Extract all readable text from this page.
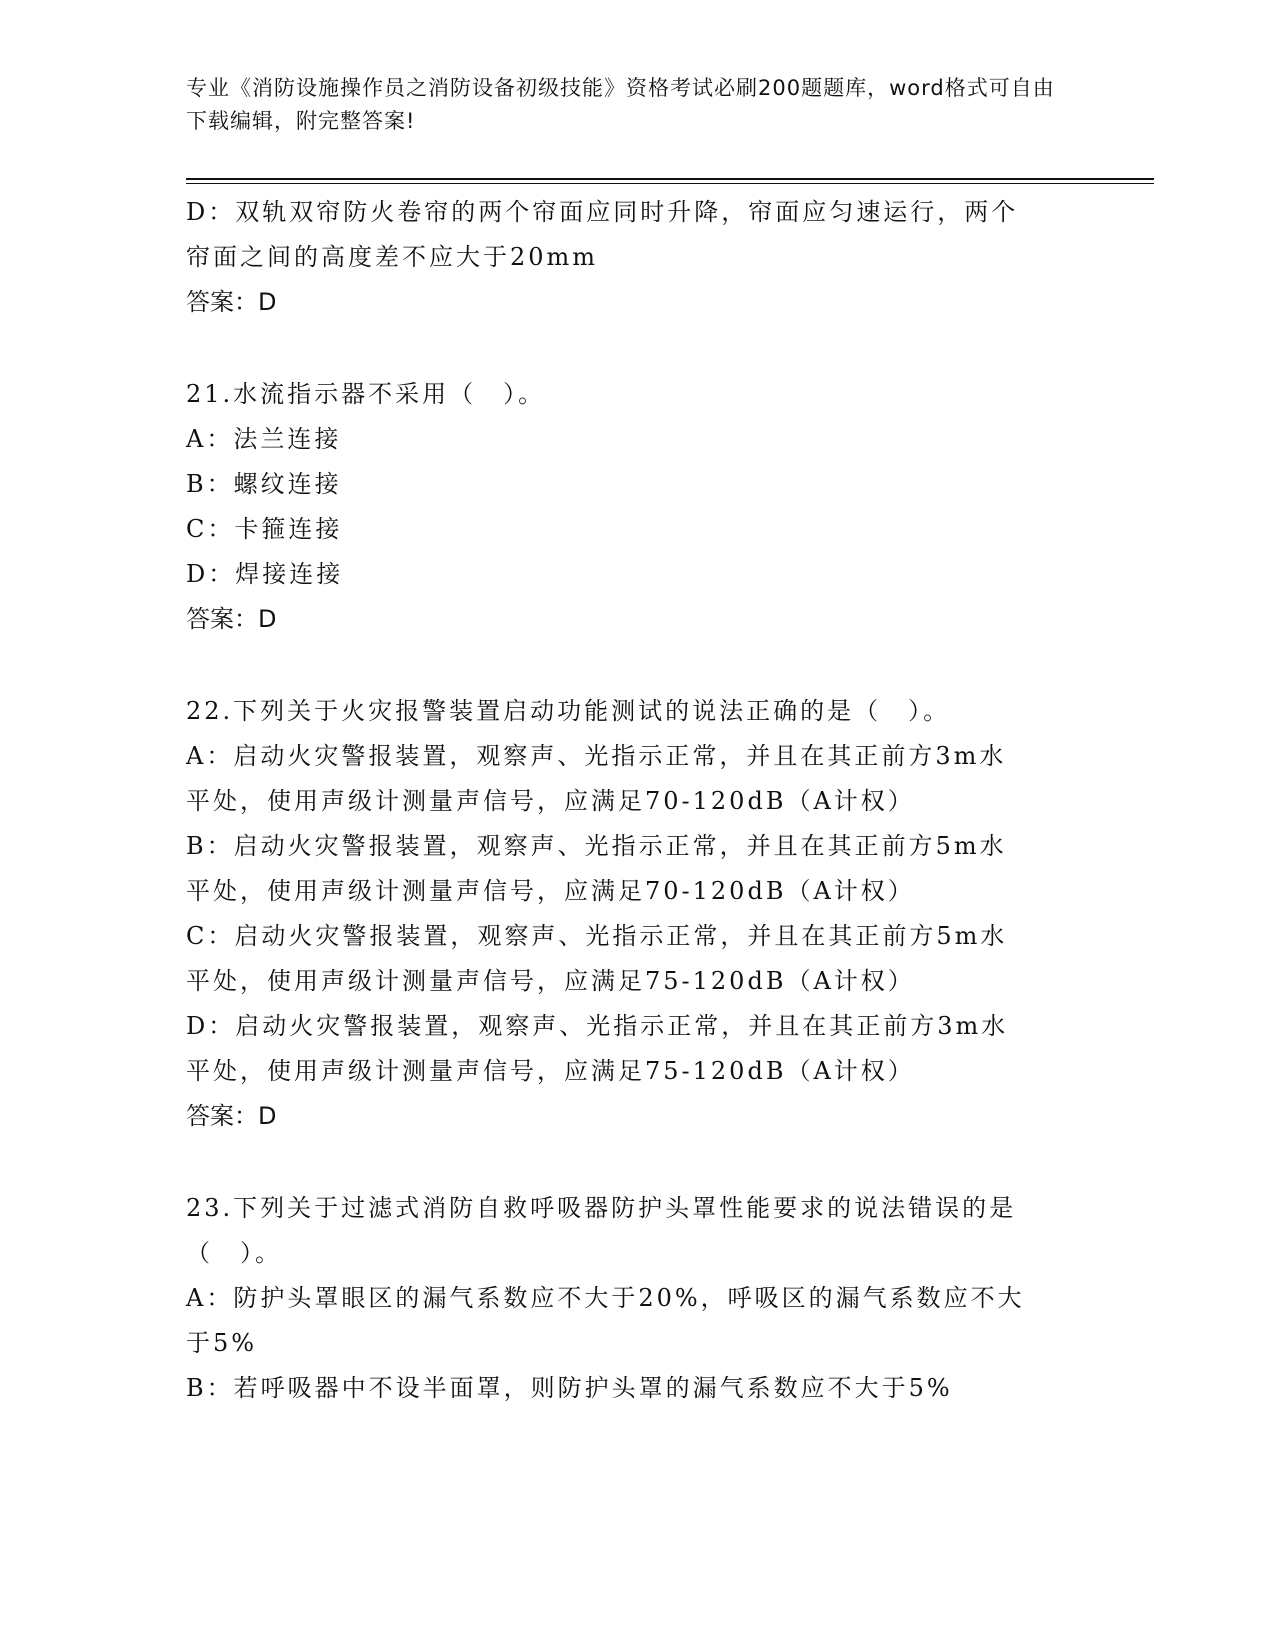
专业《消防设施操作员之消防设备初级技能》资格考试必刷200题题库，word格式可自由下载编辑，附完整答案!

D：双轨双帘防火卷帘的两个帘面应同时升降，帘面应匀速运行，两个

帘面之间的高度差不应大于20mm

答案：D

21.水流指示器不采用（　）。

A：法兰连接

B：螺纹连接

C：卡箍连接

D：焊接连接

答案：D

22.下列关于火灾报警装置启动功能测试的说法正确的是（　）。

A：启动火灾警报装置，观察声、光指示正常，并且在其正前方3m水

平处，使用声级计测量声信号，应满足70-120dB（A计权）

B：启动火灾警报装置，观察声、光指示正常，并且在其正前方5m水

平处，使用声级计测量声信号，应满足70-120dB（A计权）

C：启动火灾警报装置，观察声、光指示正常，并且在其正前方5m水

平处，使用声级计测量声信号，应满足75-120dB（A计权）

D：启动火灾警报装置，观察声、光指示正常，并且在其正前方3m水

平处，使用声级计测量声信号，应满足75-120dB（A计权）

答案：D

23.下列关于过滤式消防自救呼吸器防护头罩性能要求的说法错误的是

（　）。

A：防护头罩眼区的漏气系数应不大于20%，呼吸区的漏气系数应不大

于5%

B：若呼吸器中不设半面罩，则防护头罩的漏气系数应不大于5%
